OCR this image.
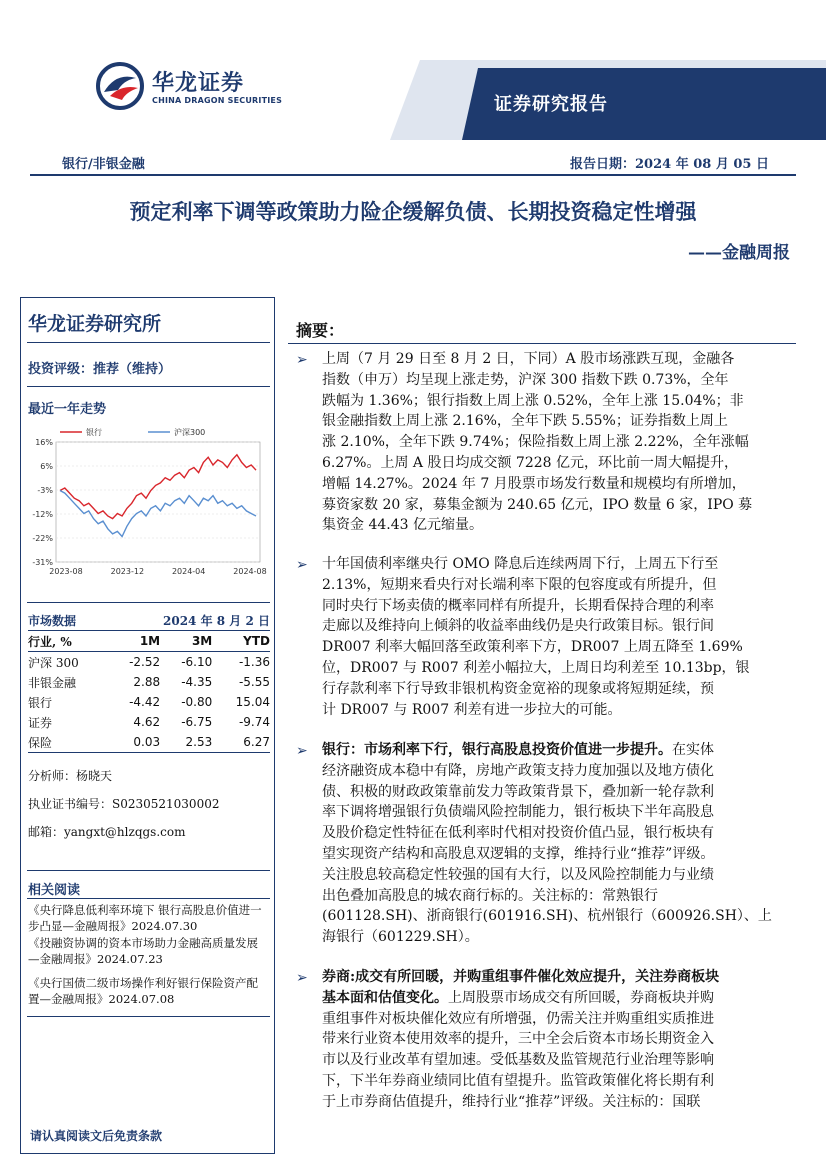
华龙证券
CHINA DRAGON SECURITIES	证券研究报告
银行/非银金融	报告日期：2024 年 08 月 05 日
预定利率下调等政策助力险企缓解负债、长期投资稳定性增强
——金融周报
华龙证券研究所
投资评级：推荐（维持）
最近一年走势
16%
6%
-3%
-12%
-22%
-31%
2023-08	2023-12	2024-04	2024-08
银行	沪深300
市场数据	2024 年 8 月 2 日		
行业, %	1M	3M	YTD
沪深 300	-2.52	-6.10	-1.36
非银金融	2.88	-4.35	-5.55
银行	-4.42	-0.80	15.04
证券	4.62	-6.75	-9.74
保险	0.03	2.53	6.27
分析师：杨晓天
执业证书编号：S0230521030002
邮箱：yangxt@hlzqgs.com
相关阅读
《央行降息低利率环境下 银行高股息价值进一步凸显—金融周报》2024.07.30
《投融资协调的资本市场助力金融高质量发展—金融周报》2024.07.23
《央行国债二级市场操作利好银行保险资产配置—金融周报》2024.07.08
请认真阅读文后免责条款
摘要：
➢ 上周（7 月 29 日至 8 月 2 日，下同）A 股市场涨跌互现，金融各
指数（申万）均呈现上涨走势，沪深 300 指数下跌 0.73%，全年
跌幅为 1.36%；银行指数上周上涨 0.52%，全年上涨 15.04%；非
银金融指数上周上涨 2.16%，全年下跌 5.55%；证券指数上周上
涨 2.10%，全年下跌 9.74%；保险指数上周上涨 2.22%，全年涨幅
6.27%。上周 A 股日均成交额 7228 亿元，环比前一周大幅提升，
增幅 14.27%。2024 年 7 月股票市场发行数量和规模均有所增加，
募资家数 20 家，募集金额为 240.65 亿元，IPO 数量 6 家，IPO 募
集资金 44.43 亿元缩量。
➢ 十年国债利率继央行 OMO 降息后连续两周下行，上周五下行至
2.13%，短期来看央行对长端利率下限的包容度或有所提升，但
同时央行下场卖债的概率同样有所提升，长期看保持合理的利率
走廊以及维持向上倾斜的收益率曲线仍是央行政策目标。银行间
DR007 利率大幅回落至政策利率下方，DR007 上周五降至 1.69%
位，DR007 与 R007 利差小幅拉大，上周日均利差至 10.13bp，银
行存款利率下行导致非银机构资金宽裕的现象或将短期延续，预
计 DR007 与 R007 利差有进一步拉大的可能。
➢ 银行：市场利率下行，银行高股息投资价值进一步提升。在实体
经济融资成本稳中有降，房地产政策支持力度加强以及地方债化
债、积极的财政政策靠前发力等政策背景下，叠加新一轮存款利
率下调将增强银行负债端风险控制能力，银行板块下半年高股息
及股价稳定性特征在低利率时代相对投资价值凸显，银行板块有
望实现资产结构和高股息双逻辑的支撑，维持行业“推荐”评级。
关注股息较高稳定性较强的国有大行，以及风险控制能力与业绩
出色叠加高股息的城农商行标的。关注标的：常熟银行
(601128.SH)、浙商银行(601916.SH)、杭州银行（600926.SH）、上
海银行（601229.SH）。
➢ 券商:成交有所回暖，并购重组事件催化效应提升，关注券商板块
基本面和估值变化。上周股票市场成交有所回暖，券商板块并购
重组事件对板块催化效应有所增强，仍需关注并购重组实质推进
带来行业资本使用效率的提升，三中全会后资本市场长期资金入
市以及行业改革有望加速。受低基数及监管规范行业治理等影响
下，下半年券商业绩同比值有望提升。监管政策催化将长期有利
于上市券商估值提升，维持行业“推荐”评级。关注标的：国联
